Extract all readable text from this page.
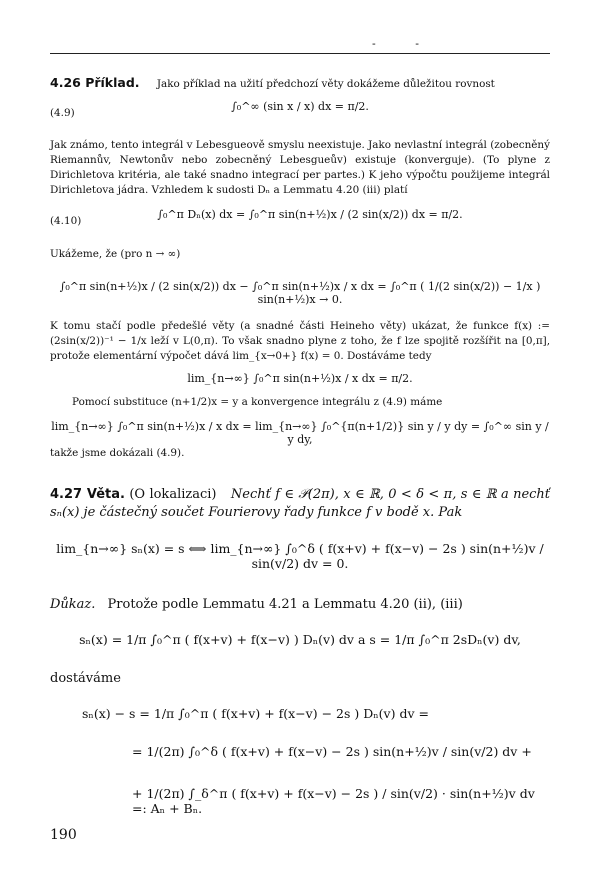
- -
4.26 Příklad. Jako příklad na užití předchozí věty dokážeme důležitou rovnost
(4.9)	∫₀^∞ (sin x / x) dx = π/2.
Jak známo, tento integrál v Lebesgueově smyslu neexistuje. Jako nevlastní integrál (zobecněný Riemannův, Newtonův nebo zobecněný Lebesgueův) existuje (konverguje). (To plyne z Dirichletova kritéria, ale také snadno integrací per partes.) K jeho výpočtu použijeme integrál Dirichletova jádra. Vzhledem k sudosti Dₙ a Lemmatu 4.20 (iii) platí
(4.10)	∫₀^π Dₙ(x) dx = ∫₀^π sin(n+½)x / (2 sin(x/2)) dx = π/2.
Ukážeme, že (pro n → ∞)
∫₀^π sin(n+½)x / (2 sin(x/2)) dx − ∫₀^π sin(n+½)x / x dx = ∫₀^π ( 1/(2 sin(x/2)) − 1/x ) sin(n+½)x → 0.
K tomu stačí podle předešlé věty (a snadné části Heineho věty) ukázat, že funkce f(x) := (2sin(x/2))⁻¹ − 1/x leží v L(0,π). To však snadno plyne z toho, že f lze spojitě rozšířit na [0,π], protože elementární výpočet dává lim_{x→0+} f(x) = 0. Dostáváme tedy
lim_{n→∞} ∫₀^π sin(n+½)x / x dx = π/2.
Pomocí substituce (n+1/2)x = y a konvergence integrálu z (4.9) máme
lim_{n→∞} ∫₀^π sin(n+½)x / x dx = lim_{n→∞} ∫₀^{π(n+1/2)} sin y / y dy = ∫₀^∞ sin y / y dy,
takže jsme dokázali (4.9).
4.27 Věta. (O lokalizaci) Nechť f ∈ 𝒫(2π), x ∈ ℝ, 0 < δ < π, s ∈ ℝ a nechť sₙ(x) je částečný součet Fourierovy řady funkce f v bodě x. Pak
lim_{n→∞} sₙ(x) = s ⟺ lim_{n→∞} ∫₀^δ ( f(x+v) + f(x−v) − 2s ) sin(n+½)v / sin(v/2) dv = 0.
Důkaz. Protože podle Lemmatu 4.21 a Lemmatu 4.20 (ii), (iii)
sₙ(x) = 1/π ∫₀^π ( f(x+v) + f(x−v) ) Dₙ(v) dv a s = 1/π ∫₀^π 2sDₙ(v) dv,
dostáváme
sₙ(x) − s = 1/π ∫₀^π ( f(x+v) + f(x−v) − 2s ) Dₙ(v) dv =
= 1/(2π) ∫₀^δ ( f(x+v) + f(x−v) − 2s ) sin(n+½)v / sin(v/2) dv +
+ 1/(2π) ∫_δ^π ( f(x+v) + f(x−v) − 2s ) / sin(v/2) · sin(n+½)v dv =: Aₙ + Bₙ.
190
